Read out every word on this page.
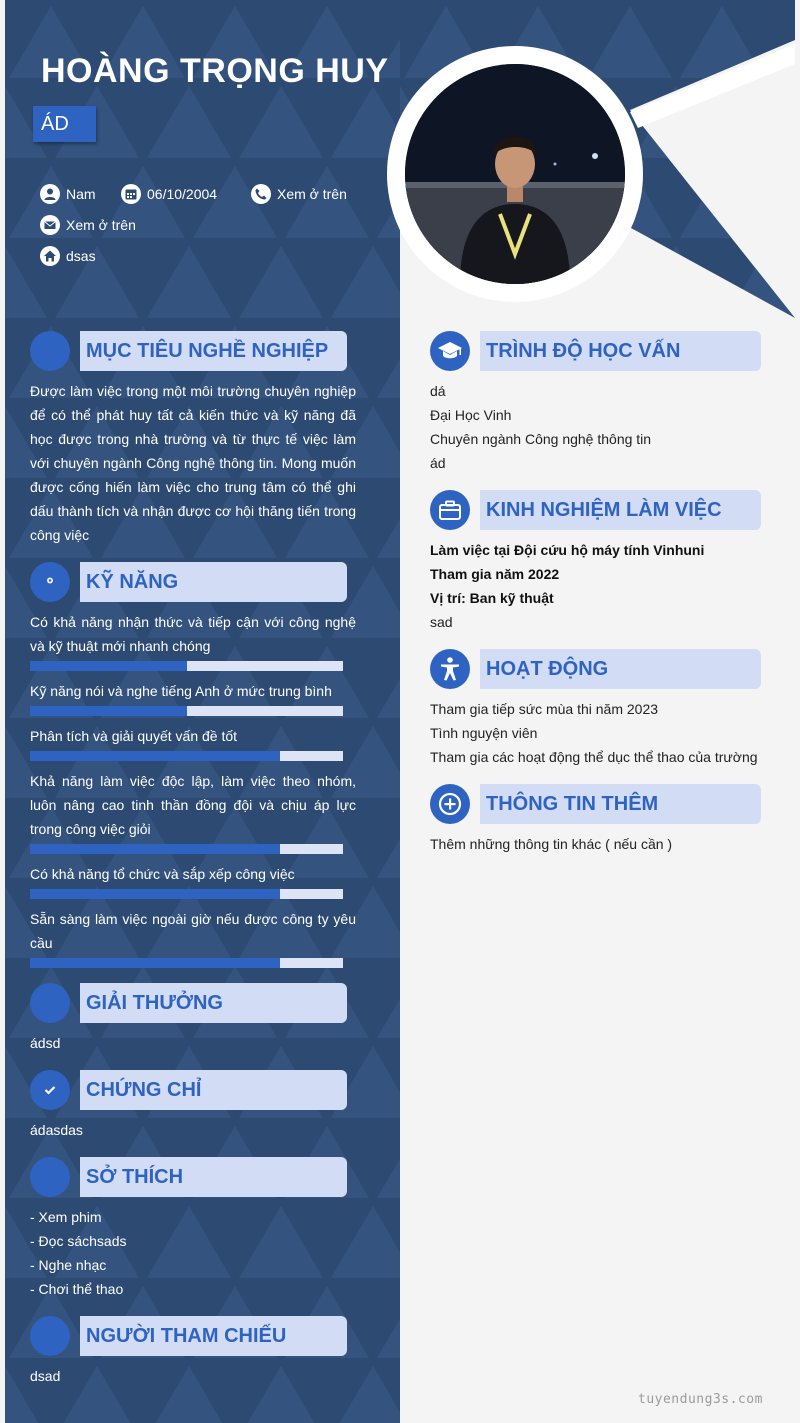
HOÀNG TRỌNG HUY
ÁD
Nam	06/10/2004	Xem ở trên
Xem ở trên
dsas
MỤC TIÊU NGHỀ NGHIỆP
Được làm việc trong một môi trường chuyên nghiệp để có thể phát huy tất cả kiến thức và kỹ năng đã học được trong nhà trường và từ thực tế việc làm với chuyên ngành Công nghệ thông tin. Mong muốn được cống hiến làm việc cho trung tâm có thể ghi dấu thành tích và nhận được cơ hội thăng tiến trong công việc
KỸ NĂNG
Có khả năng nhận thức và tiếp cận với công nghệ và kỹ thuật mới nhanh chóng
Kỹ năng nói và nghe tiếng Anh ở mức trung bình
Phân tích và giải quyết vấn đề tốt
Khả năng làm việc độc lập, làm việc theo nhóm, luôn nâng cao tinh thần đồng đội và chịu áp lực trong công việc giỏi
Có khả năng tổ chức và sắp xếp công việc
Sẵn sàng làm việc ngoài giờ nếu được công ty yêu cầu
GIẢI THƯỞNG
ádsd
CHỨNG CHỈ
ádasdas
SỞ THÍCH
- Xem phim
- Đọc sáchsads
- Nghe nhạc
- Chơi thể thao
NGƯỜI THAM CHIẾU
dsad
TRÌNH ĐỘ HỌC VẤN
dá
Đại Học Vinh
Chuyên ngành Công nghệ thông tin
ád
KINH NGHIỆM LÀM VIỆC
Làm việc tại Đội cứu hộ máy tính Vinhuni
Tham gia năm 2022
Vị trí: Ban kỹ thuật
sad
HOẠT ĐỘNG
Tham gia tiếp sức mùa thi năm 2023
Tình nguyện viên
Tham gia các hoạt động thể dục thể thao của trường
THÔNG TIN THÊM
Thêm những thông tin khác ( nếu cần )
tuyendung3s.com
